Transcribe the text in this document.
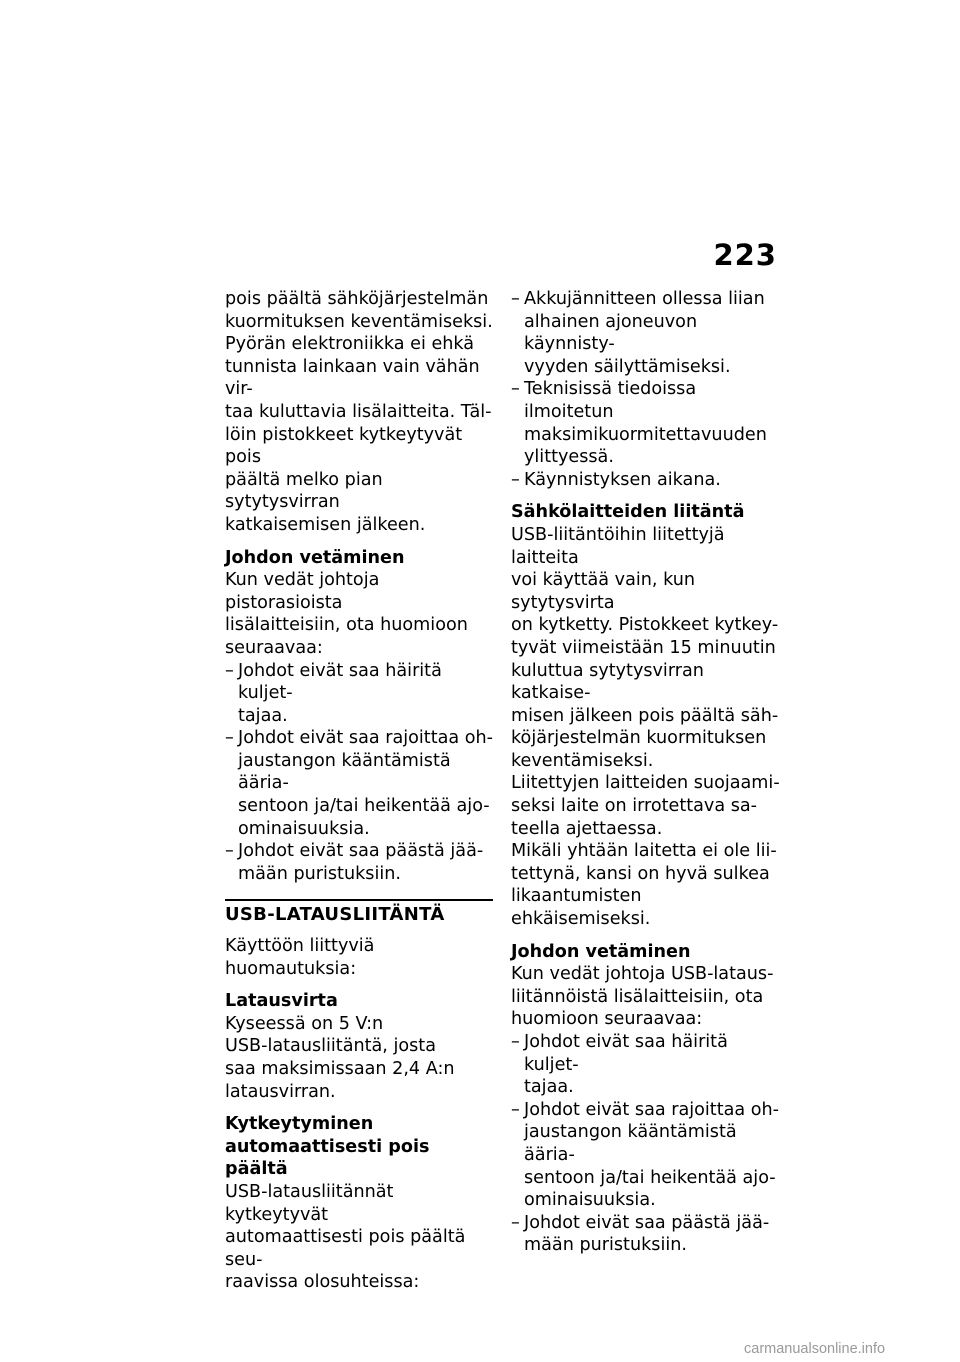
223

pois päältä sähköjärjestelmän
kuormituksen keventämiseksi.
Pyörän elektroniikka ei ehkä
tunnista lainkaan vain vähän vir-
taa kuluttavia lisälaitteita. Täl-
löin pistokkeet kytkeytyvät pois
päältä melko pian sytytysvirran
katkaisemisen jälkeen.

Johdon vetäminen

Kun vedät johtoja pistorasioista
lisälaitteisiin, ota huomioon
seuraavaa:

– Johdot eivät saa häiritä kuljet-
tajaa.
– Johdot eivät saa rajoittaa oh-
jaustangon kääntämistä ääria-
sentoon ja/tai heikentää ajo-
ominaisuuksia.
– Johdot eivät saa päästä jää-
mään puristuksiin.
USB-LATAUSLIITÄNTÄ

Käyttöön liittyviä huomautuksia:

Latausvirta

Kyseessä on 5 V:n
USB-latausliitäntä, josta
saa maksimissaan 2,4 A:n
latausvirran.

Kytkeytyminen
automaattisesti pois päältä

USB-latausliitännät kytkeytyvät
automaattisesti pois päältä seu-
raavissa olosuhteissa:

– Akkujännitteen ollessa liian
alhainen ajoneuvon käynnisty-
vyyden säilyttämiseksi.
– Teknisissä tiedoissa ilmoitetun
maksimikuormitettavuuden
ylittyessä.
– Käynnistyksen aikana.

Sähkölaitteiden liitäntä

USB-liitäntöihin liitettyjä laitteita
voi käyttää vain, kun sytytysvirta
on kytketty. Pistokkeet kytkey-
tyvät viimeistään 15 minuutin
kuluttua sytytysvirran katkaise-
misen jälkeen pois päältä säh-
köjärjestelmän kuormituksen
keventämiseksi.

Liitettyjen laitteiden suojaami-
seksi laite on irrotettava sa-
teella ajettaessa.

Mikäli yhtään laitetta ei ole lii-
tettynä, kansi on hyvä sulkea
likaantumisten ehkäisemiseksi.

Johdon vetäminen

Kun vedät johtoja USB-lataus-
liitännöistä lisälaitteisiin, ota
huomioon seuraavaa:

– Johdot eivät saa häiritä kuljet-
tajaa.
– Johdot eivät saa rajoittaa oh-
jaustangon kääntämistä ääria-
sentoon ja/tai heikentää ajo-
ominaisuuksia.
– Johdot eivät saa päästä jää-
mään puristuksiin.
carmanualsonline.info
